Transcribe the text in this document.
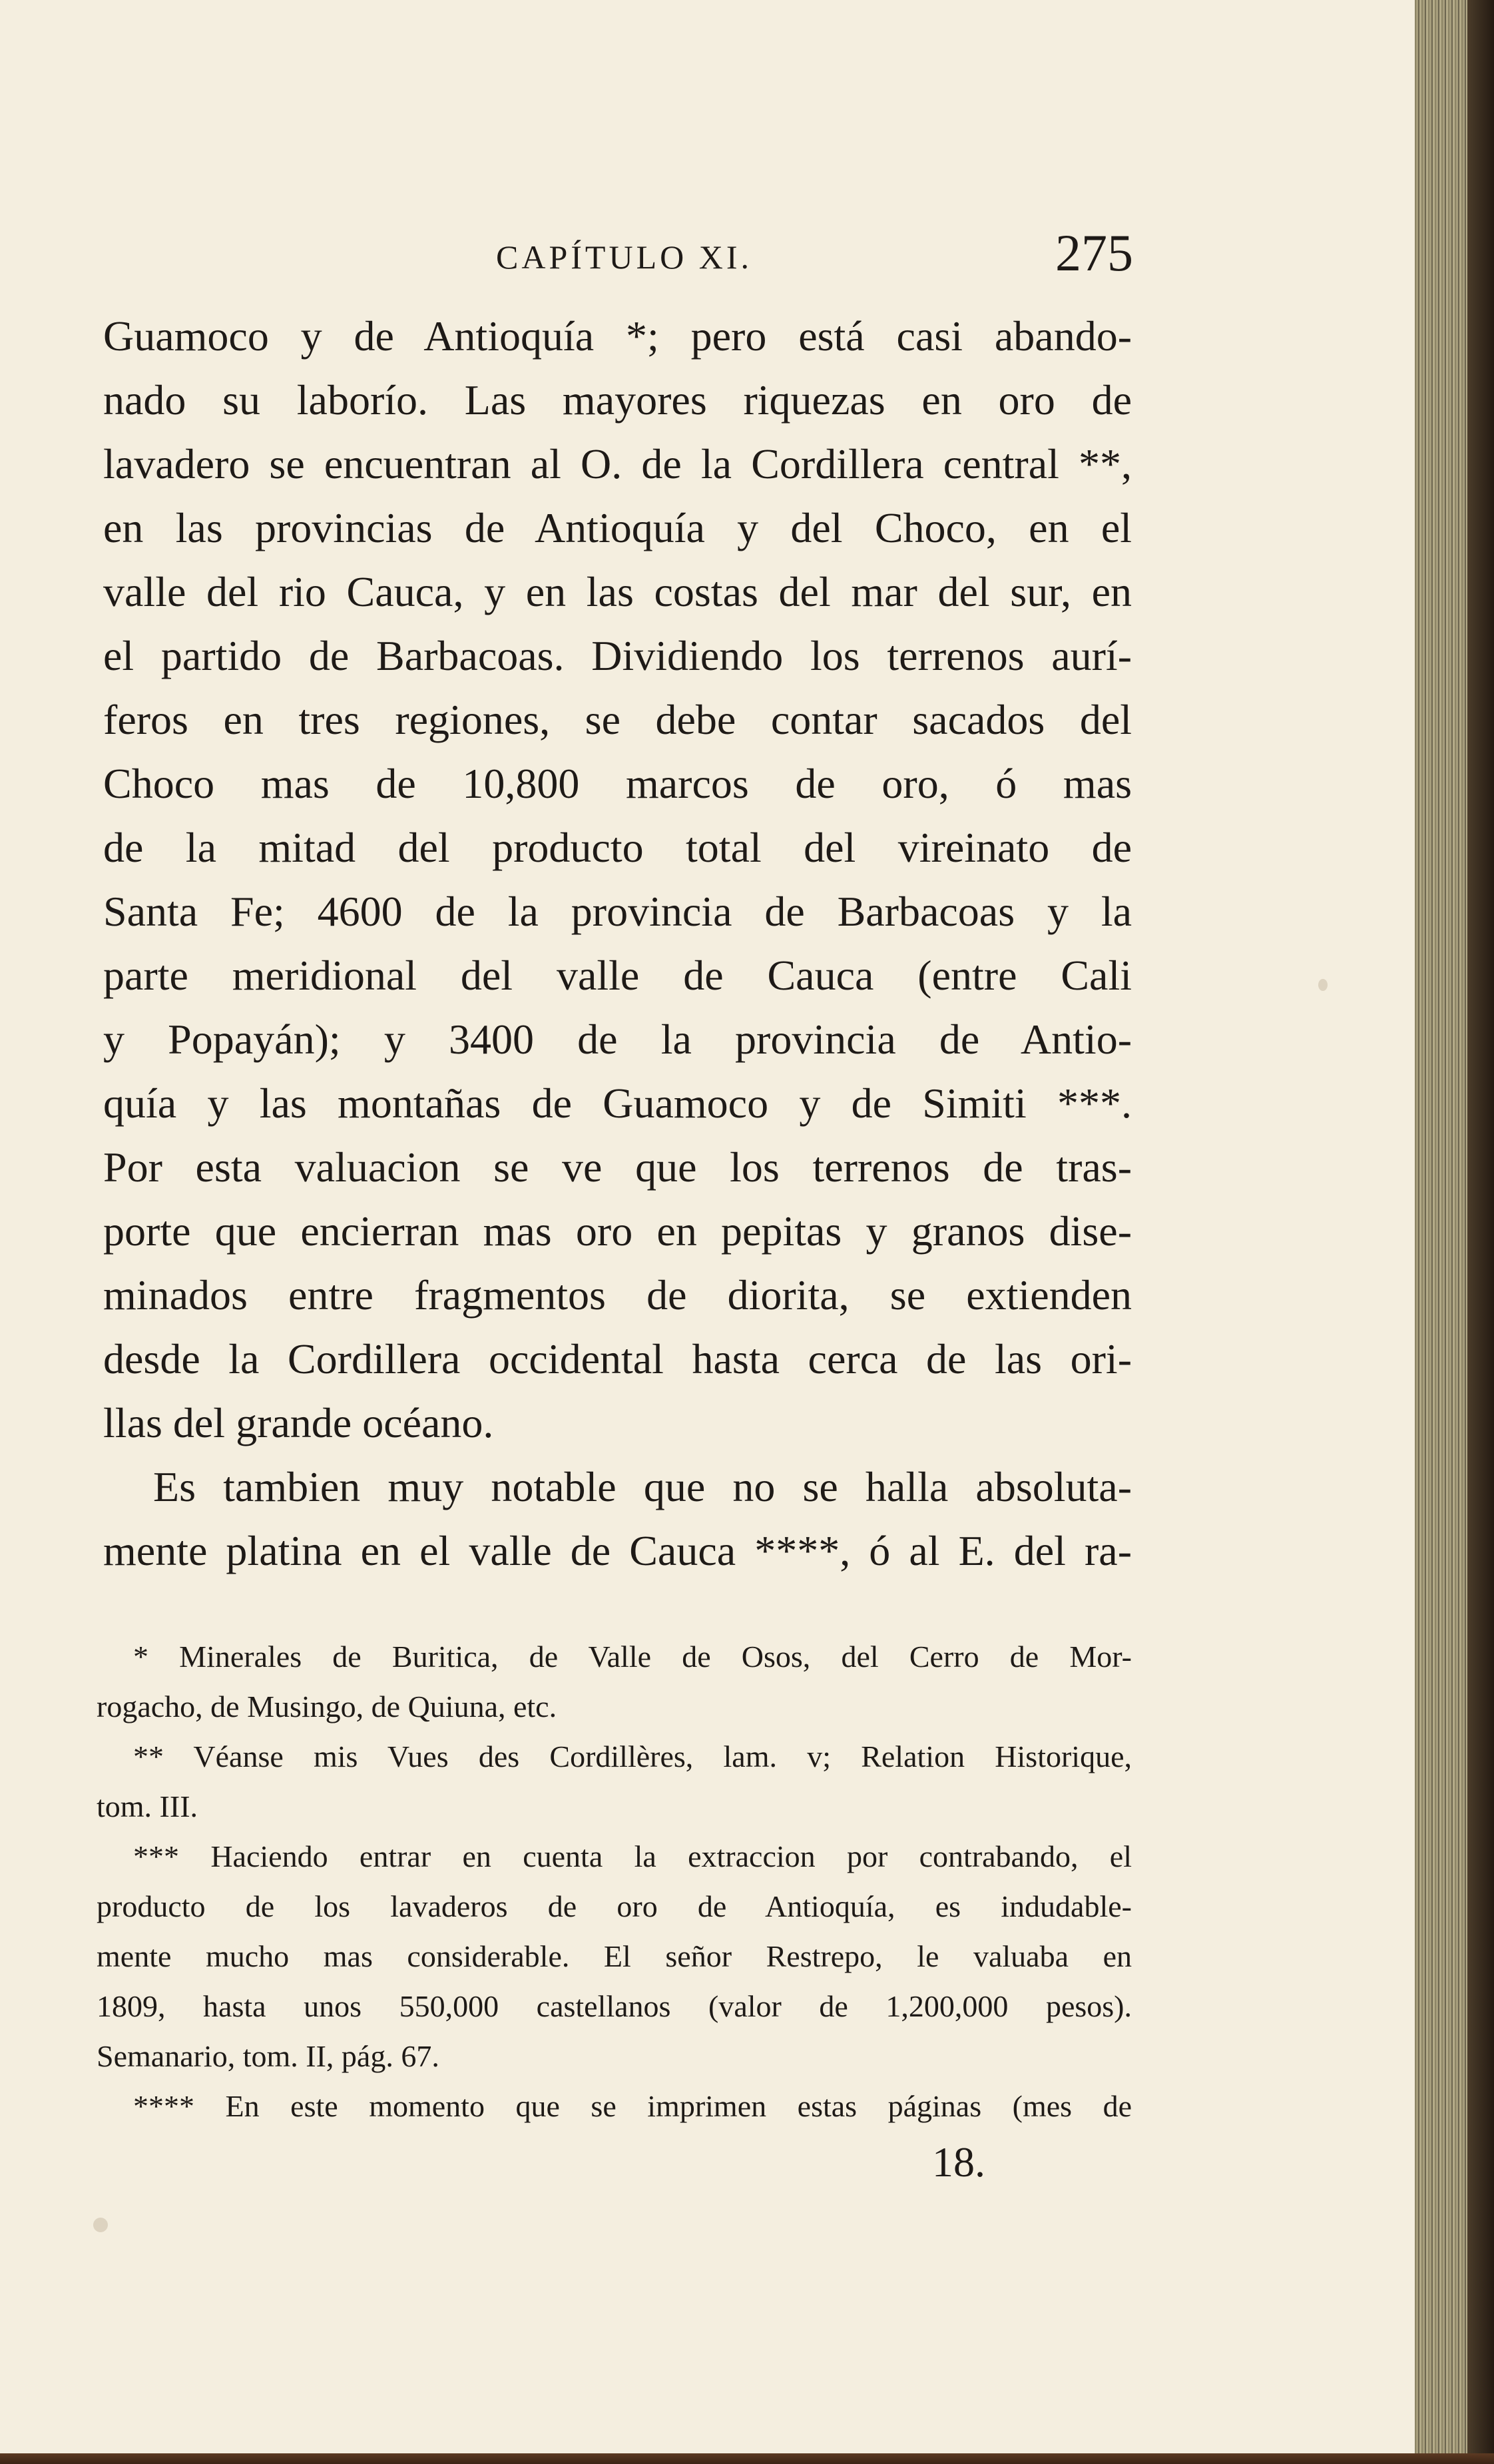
CAPÍTULO XI.	275
Guamoco y de Antioquía *; pero está casi abando-
nado su laborío. Las mayores riquezas en oro de
lavadero se encuentran al O. de la Cordillera central **,
en las provincias de Antioquía y del Choco, en el
valle del rio Cauca, y en las costas del mar del sur, en
el partido de Barbacoas. Dividiendo los terrenos aurí-
feros en tres regiones, se debe contar sacados del
Choco mas de 10,800 marcos de oro, ó mas
de la mitad del producto total del vireinato de
Santa Fe; 4600 de la provincia de Barbacoas y la
parte meridional del valle de Cauca (entre Cali
y Popayán); y 3400 de la provincia de Antio-
quía y las montañas de Guamoco y de Simiti ***.
Por esta valuacion se ve que los terrenos de tras-
porte que encierran mas oro en pepitas y granos dise-
minados entre fragmentos de diorita, se extienden
desde la Cordillera occidental hasta cerca de las ori-
llas del grande océano.
Es tambien muy notable que no se halla absoluta-
mente platina en el valle de Cauca ****, ó al E. del ra-
* Minerales de Buritica, de Valle de Osos, del Cerro de Mor-
rogacho, de Musingo, de Quiuna, etc.
** Véanse mis Vues des Cordillères, lam. v; Relation Historique,
tom. III.
*** Haciendo entrar en cuenta la extraccion por contrabando, el
producto de los lavaderos de oro de Antioquía, es indudable-
mente mucho mas considerable. El señor Restrepo, le valuaba en
1809, hasta unos 550,000 castellanos (valor de 1,200,000 pesos).
Semanario, tom. II, pág. 67.
**** En este momento que se imprimen estas páginas (mes de
18.
